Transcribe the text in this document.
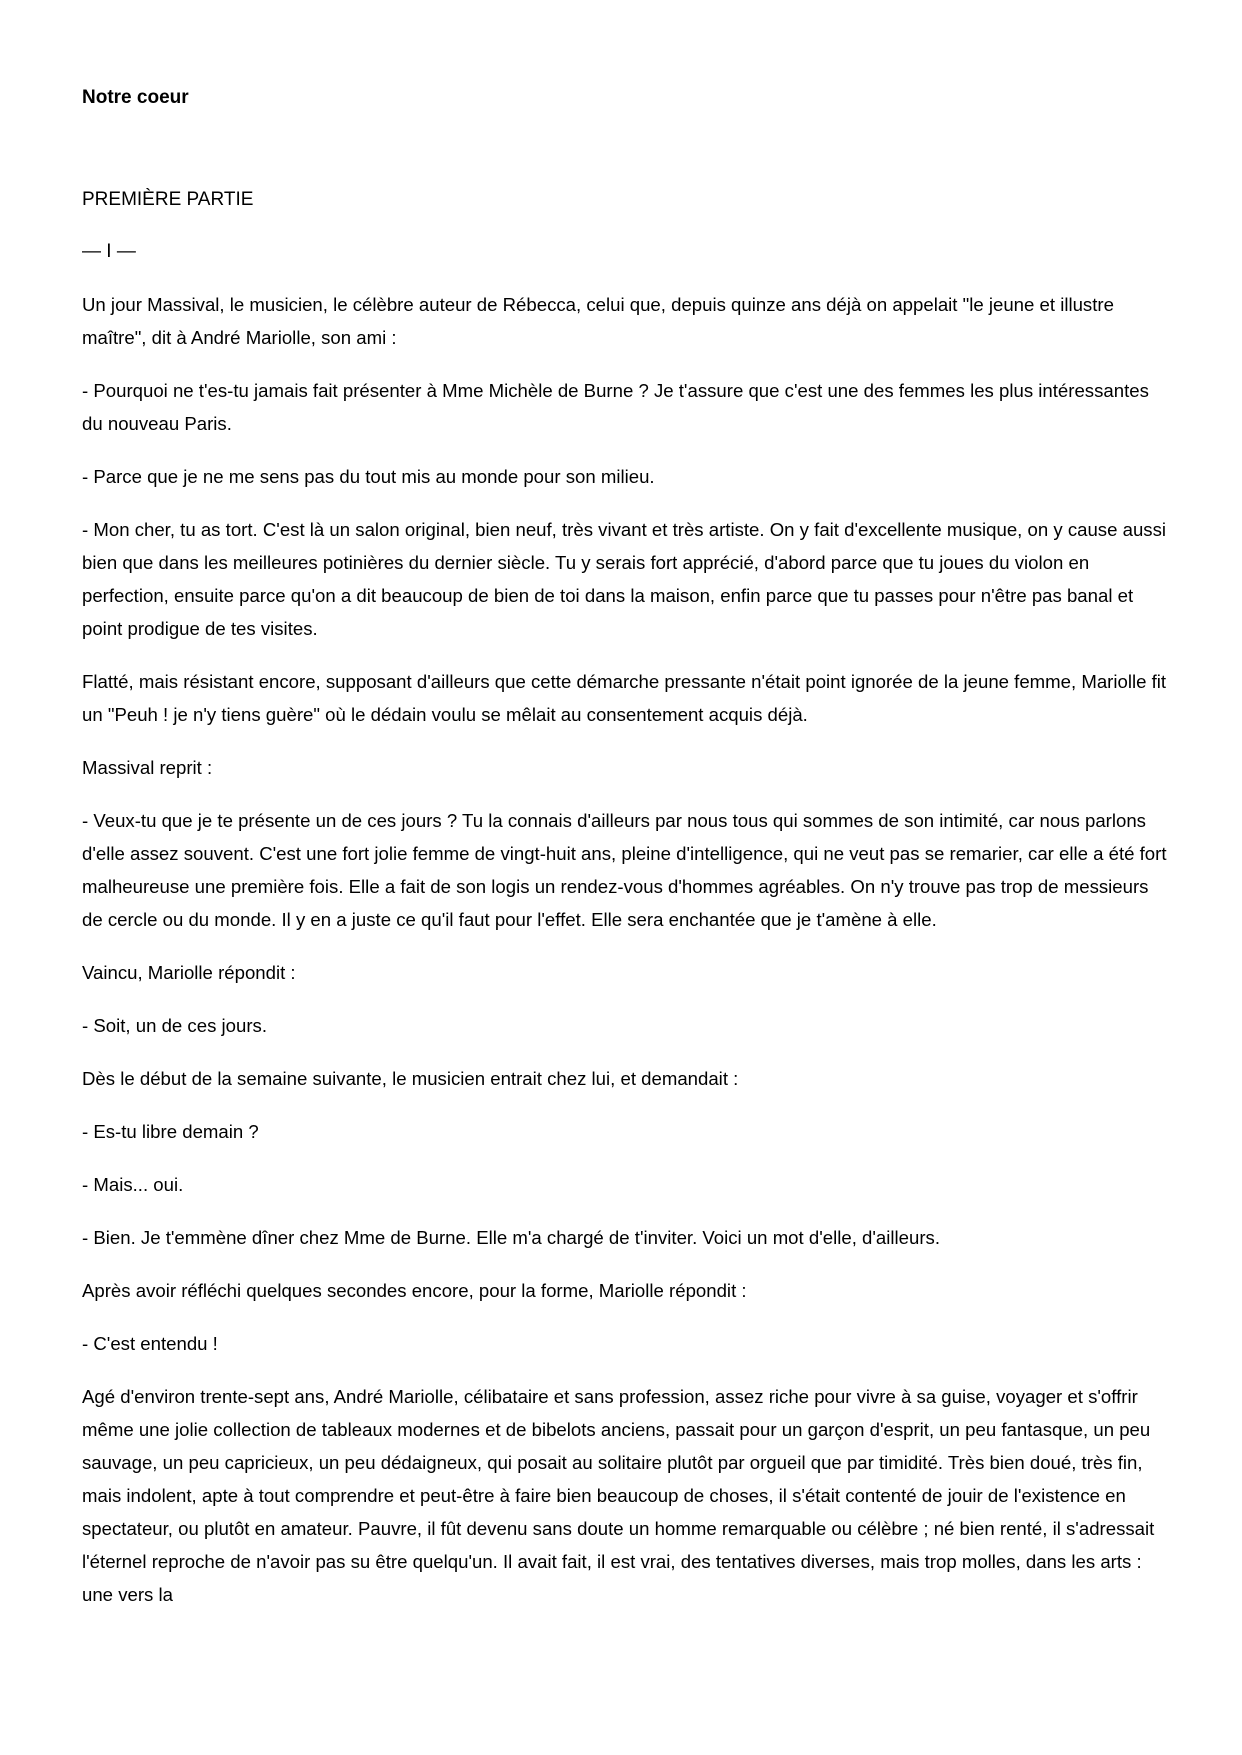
Notre coeur
PREMIÈRE PARTIE
— I —

Un jour Massival, le musicien, le célèbre auteur de Rébecca, celui que, depuis quinze ans déjà on appelait "le jeune et illustre maître", dit à André Mariolle, son ami :

- Pourquoi ne t'es-tu jamais fait présenter à Mme Michèle de Burne ? Je t'assure que c'est une des femmes les plus intéressantes du nouveau Paris.

- Parce que je ne me sens pas du tout mis au monde pour son milieu.

- Mon cher, tu as tort. C'est là un salon original, bien neuf, très vivant et très artiste. On y fait d'excellente musique, on y cause aussi bien que dans les meilleures potinières du dernier siècle. Tu y serais fort apprécié, d'abord parce que tu joues du violon en perfection, ensuite parce qu'on a dit beaucoup de bien de toi dans la maison, enfin parce que tu passes pour n'être pas banal et point prodigue de tes visites.

Flatté, mais résistant encore, supposant d'ailleurs que cette démarche pressante n'était point ignorée de la jeune femme, Mariolle fit un "Peuh ! je n'y tiens guère" où le dédain voulu se mêlait au consentement acquis déjà.

Massival reprit :

- Veux-tu que je te présente un de ces jours ? Tu la connais d'ailleurs par nous tous qui sommes de son intimité, car nous parlons d'elle assez souvent. C'est une fort jolie femme de vingt-huit ans, pleine d'intelligence, qui ne veut pas se remarier, car elle a été fort malheureuse une première fois. Elle a fait de son logis un rendez-vous d'hommes agréables. On n'y trouve pas trop de messieurs de cercle ou du monde. Il y en a juste ce qu'il faut pour l'effet. Elle sera enchantée que je t'amène à elle.

Vaincu, Mariolle répondit :

- Soit, un de ces jours.

Dès le début de la semaine suivante, le musicien entrait chez lui, et demandait :

- Es-tu libre demain ?

- Mais... oui.

- Bien. Je t'emmène dîner chez Mme de Burne. Elle m'a chargé de t'inviter. Voici un mot d'elle, d'ailleurs.

Après avoir réfléchi quelques secondes encore, pour la forme, Mariolle répondit :

- C'est entendu !

Agé d'environ trente-sept ans, André Mariolle, célibataire et sans profession, assez riche pour vivre à sa guise, voyager et s'offrir même une jolie collection de tableaux modernes et de bibelots anciens, passait pour un garçon d'esprit, un peu fantasque, un peu sauvage, un peu capricieux, un peu dédaigneux, qui posait au solitaire plutôt par orgueil que par timidité. Très bien doué, très fin, mais indolent, apte à tout comprendre et peut-être à faire bien beaucoup de choses, il s'était contenté de jouir de l'existence en spectateur, ou plutôt en amateur. Pauvre, il fût devenu sans doute un homme remarquable ou célèbre ; né bien renté, il s'adressait l'éternel reproche de n'avoir pas su être quelqu'un. Il avait fait, il est vrai, des tentatives diverses, mais trop molles, dans les arts : une vers la
